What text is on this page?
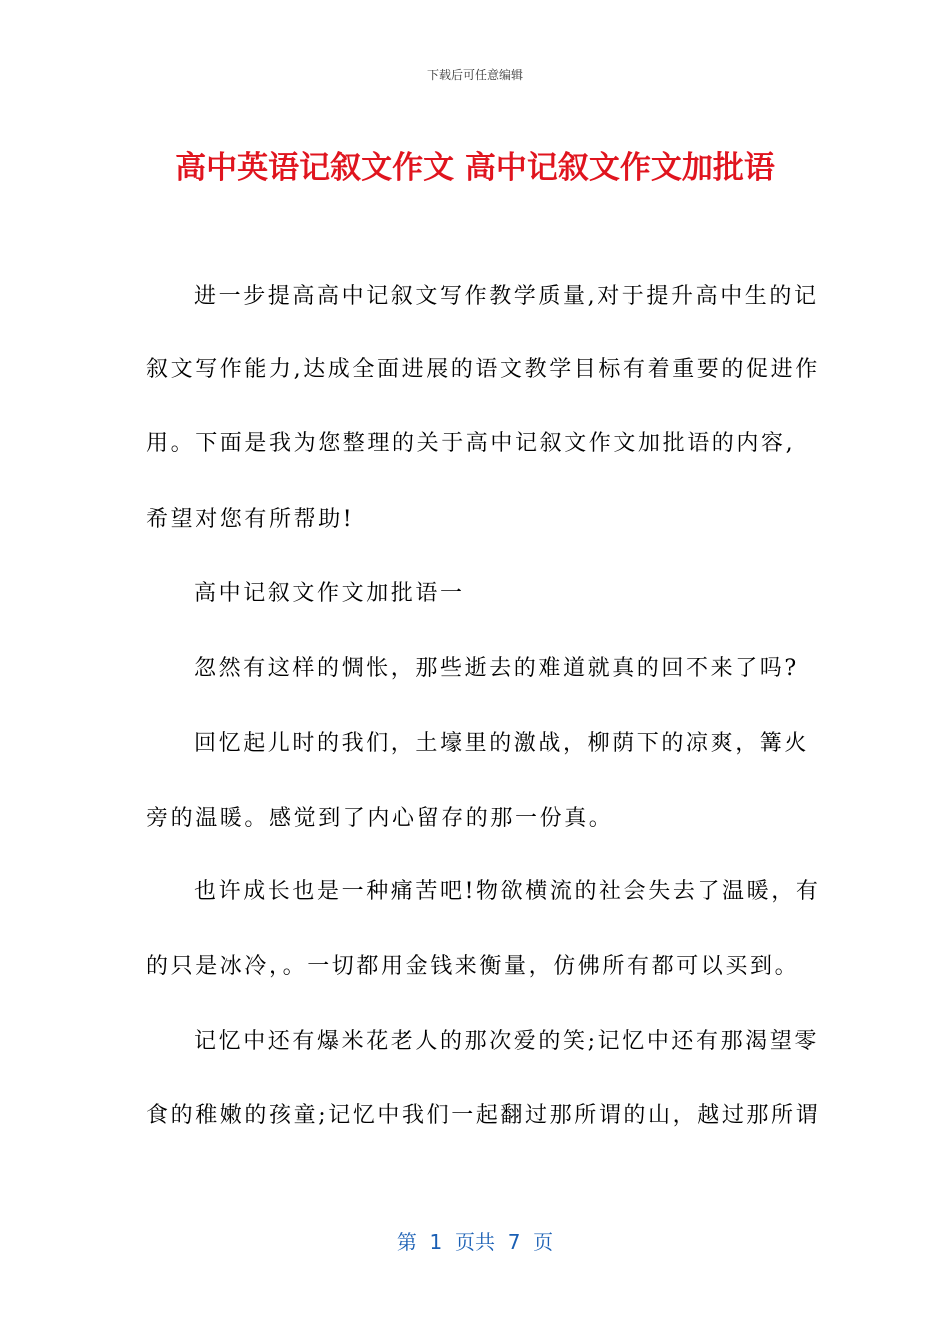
下载后可任意编辑
高中英语记叙文作文 高中记叙文作文加批语
进一步提高高中记叙文写作教学质量,对于提升高中生的记
叙文写作能力,达成全面进展的语文教学目标有着重要的促进作
用。下面是我为您整理的关于高中记叙文作文加批语的内容,
希望对您有所帮助!
高中记叙文作文加批语一
忽然有这样的惆怅，那些逝去的难道就真的回不来了吗?
回忆起儿时的我们，土壕里的激战，柳荫下的凉爽，篝火
旁的温暖。感觉到了内心留存的那一份真。
也许成长也是一种痛苦吧!物欲横流的社会失去了温暖，有
的只是冰冷，。一切都用金钱来衡量，仿佛所有都可以买到。
记忆中还有爆米花老人的那次爱的笑;记忆中还有那渴望零
食的稚嫩的孩童;记忆中我们一起翻过那所谓的山，越过那所谓
第  1  页共  7  页
